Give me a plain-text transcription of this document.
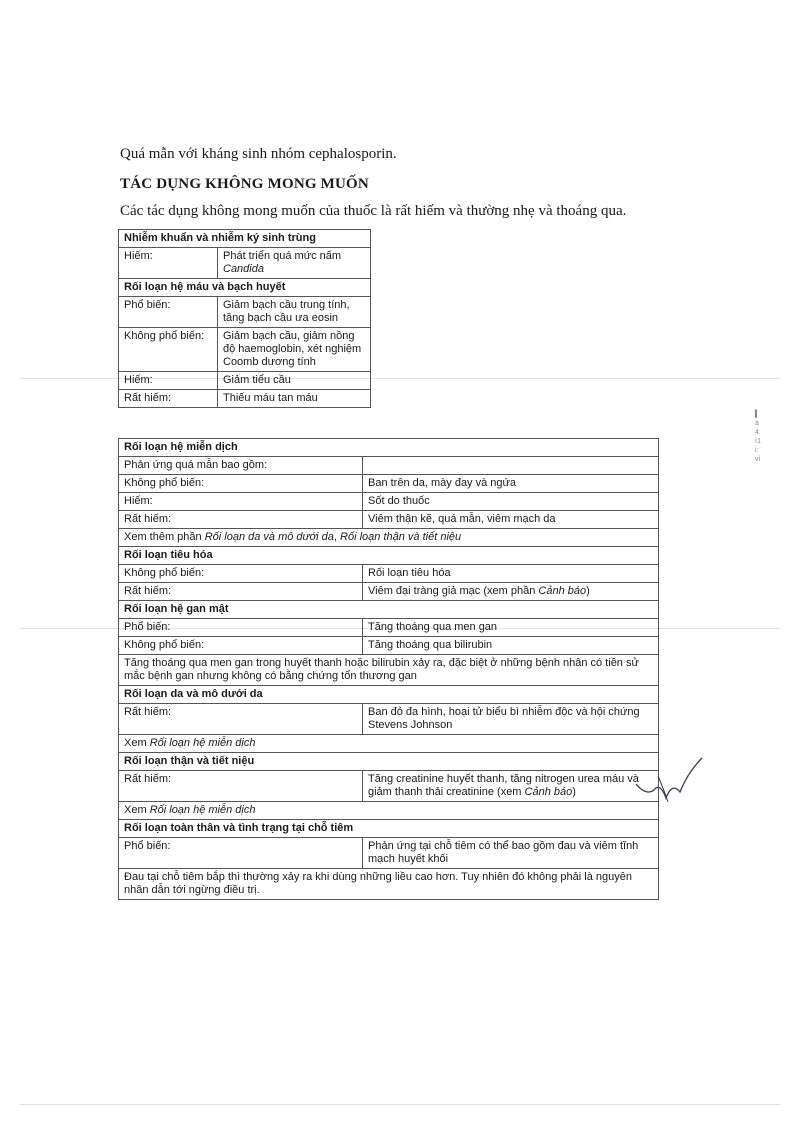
Quá mẫn với kháng sinh nhóm cephalosporin.
TÁC DỤNG KHÔNG MONG MUỐN
Các tác dụng không mong muốn của thuốc là rất hiếm và thường nhẹ và thoáng qua.
Nhiễm khuẩn và nhiễm ký sinh trùng	
Hiếm:	Phát triển quá mức nấm
Candida
Rối loạn hệ máu và bạch huyết	
Phổ biến:	Giảm bạch cầu trung tính, tăng bạch cầu ưa eosin
Không phổ biến:	Giảm bạch cầu, giảm nồng độ haemoglobin, xét nghiệm Coomb dương tính
Hiếm:	Giảm tiểu cầu
Rất hiếm:	Thiếu máu tan máu
Rối loạn hệ miễn dịch	
Phản ứng quá mẫn bao gồm:	
Không phổ biến:	Ban trên da, mày đay và ngứa
Hiếm:	Sốt do thuốc
Rất hiếm:	Viêm thận kẽ, quá mẫn, viêm mạch da
Xem thêm phần Rối loạn da và mô dưới da, Rối loạn thận và tiết niệu	
Rối loạn tiêu hóa	
Không phổ biến:	Rối loạn tiêu hóa
Rất hiếm:	Viêm đại tràng giả mạc (xem phần Cảnh báo)
Rối loạn hệ gan mật	
Phổ biến:	Tăng thoáng qua men gan
Không phổ biến:	Tăng thoáng qua bilirubin
Tăng thoáng qua men gan trong huyết thanh hoặc bilirubin xảy ra, đặc biệt ở những bệnh nhân có tiền sử mắc bệnh gan nhưng không có bằng chứng tổn thương gan	
Rối loạn da và mô dưới da	
Rất hiếm:	Ban đỏ đa hình, hoại tử biểu bì nhiễm độc và hội chứng Stevens Johnson
Xem Rối loạn hệ miễn dịch	
Rối loạn thận và tiết niệu	
Rất hiếm:	Tăng creatinine huyết thanh, tăng nitrogen urea máu và giảm thanh thải creatinine (xem Cảnh báo)
Xem Rối loạn hệ miễn dịch	
Rối loạn toàn thân và tình trạng tại chỗ tiêm	
Phổ biến:	Phản ứng tại chỗ tiêm có thể bao gồm đau và viêm tĩnh mạch huyết khối
Đau tại chỗ tiêm bắp thì thường xảy ra khi dùng những liều cao hơn. Tuy nhiên đó không phải là nguyên nhân dẫn tới ngừng điều trị.	
▍
a
4.
ì1
i:
vi
